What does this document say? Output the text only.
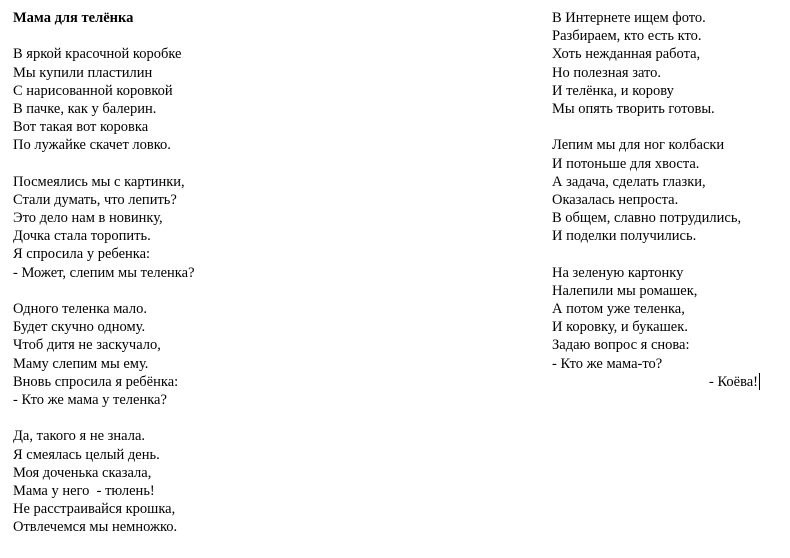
Мама для телёнка
В яркой красочной коробке
Мы купили пластилин
С нарисованной коровкой
В пачке, как у балерин.
Вот такая вот коровка
По лужайке скачет ловко.
Посмеялись мы с картинки,
Стали думать, что лепить?
Это дело нам в новинку,
Дочка стала торопить.
Я спросила у ребенка:
- Может, слепим мы теленка?
Одного теленка мало.
Будет скучно одному.
Чтоб дитя не заскучало,
Маму слепим мы ему.
Вновь спросила я ребёнка:
- Кто же мама у теленка?
Да, такого я не знала.
Я смеялась целый день.
Моя доченька сказала,
Мама у него  - тюлень!
Не расстраивайся крошка,
Отвлечемся мы немножко.
В Интернете ищем фото.
Разбираем, кто есть кто.
Хоть нежданная работа,
Но полезная зато.
И телёнка, и корову
Мы опять творить готовы.
Лепим мы для ног колбаски
И потоньше для хвоста.
А задача, сделать глазки,
Оказалась непроста.
В общем, славно потрудились,
И поделки получились.
На зеленую картонку
Налепили мы ромашек,
А потом уже теленка,
И коровку, и букашек.
Задаю вопрос я снова:
- Кто же мама-то?
- Коёва!
